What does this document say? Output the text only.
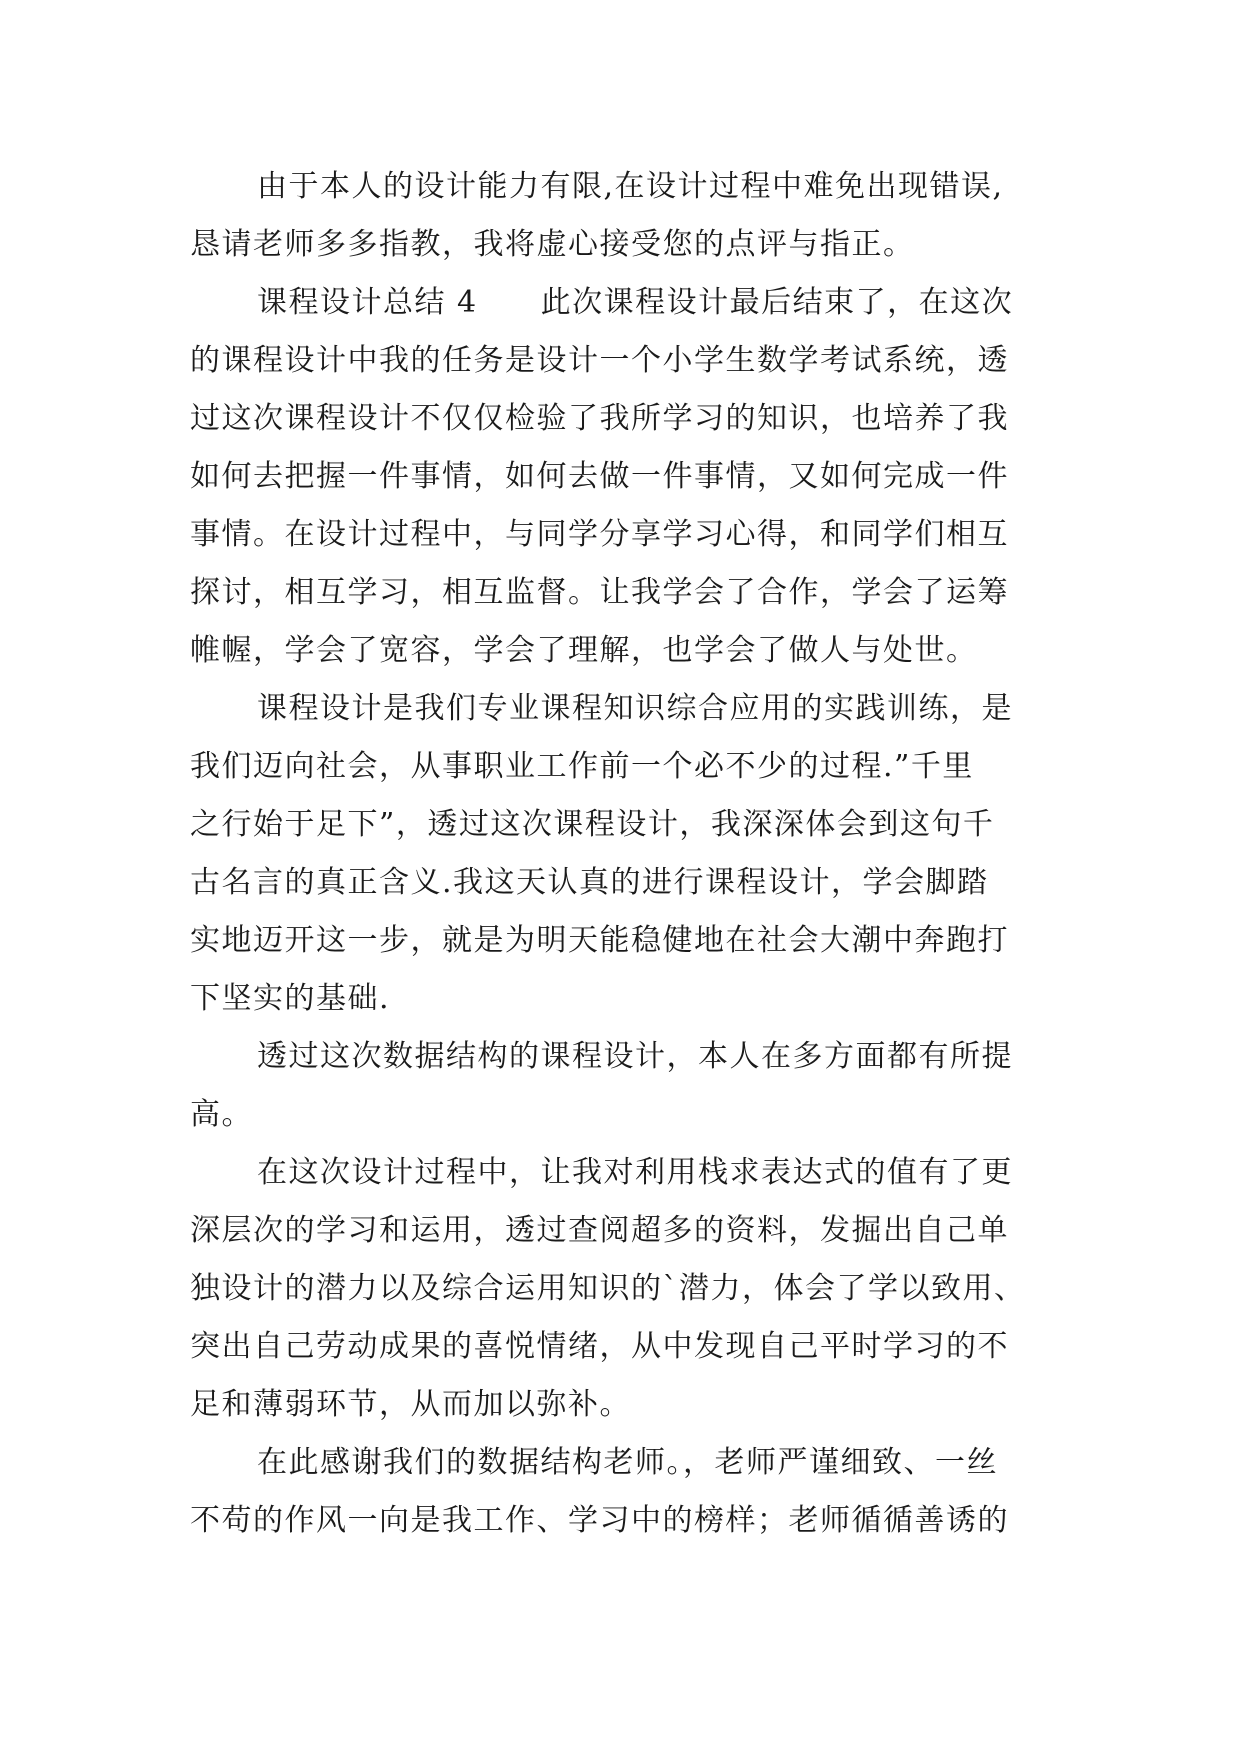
由于本人的设计能力有限,在设计过程中难免出现错误,
恳请老师多多指教，我将虚心接受您的点评与指正。
课程设计总结 4　　此次课程设计最后结束了，在这次
的课程设计中我的任务是设计一个小学生数学考试系统，透
过这次课程设计不仅仅检验了我所学习的知识，也培养了我
如何去把握一件事情，如何去做一件事情，又如何完成一件
事情。在设计过程中，与同学分享学习心得，和同学们相互
探讨，相互学习，相互监督。让我学会了合作，学会了运筹
帷幄，学会了宽容，学会了理解，也学会了做人与处世。
课程设计是我们专业课程知识综合应用的实践训练，是
我们迈向社会，从事职业工作前一个必不少的过程.”千里
之行始于足下”，透过这次课程设计，我深深体会到这句千
古名言的真正含义.我这天认真的进行课程设计，学会脚踏
实地迈开这一步，就是为明天能稳健地在社会大潮中奔跑打
下坚实的基础.
透过这次数据结构的课程设计，本人在多方面都有所提
高。
在这次设计过程中，让我对利用栈求表达式的值有了更
深层次的学习和运用，透过查阅超多的资料，发掘出自己单
独设计的潜力以及综合运用知识的`潜力，体会了学以致用、
突出自己劳动成果的喜悦情绪，从中发现自己平时学习的不
足和薄弱环节，从而加以弥补。
在此感谢我们的数据结构老师。，老师严谨细致、一丝
不苟的作风一向是我工作、学习中的榜样；老师循循善诱的
